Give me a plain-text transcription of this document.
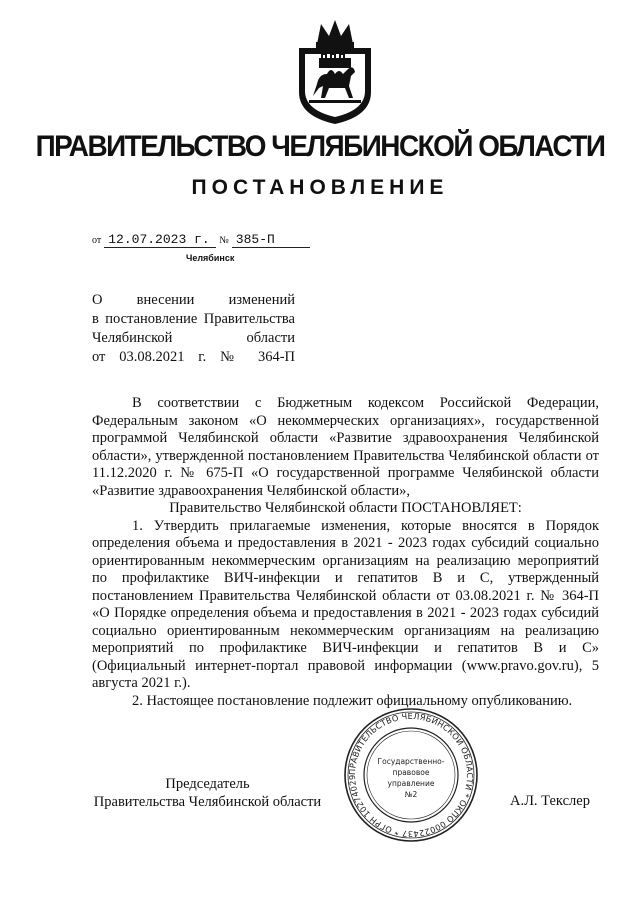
ПРАВИТЕЛЬСТВО ЧЕЛЯБИНСКОЙ ОБЛАСТИ
ПОСТАНОВЛЕНИЕ
от 12.07.2023 г. № 385-П
Челябинск
О внесении изменений
в постановление Правительства
Челябинской области
от 03.08.2021 г. № 364-П

В соответствии с Бюджетным кодексом Российской Федерации, Федеральным законом «О некоммерческих организациях», государственной программой Челябинской области «Развитие здравоохранения Челябинской области», утвержденной постановлением Правительства Челябинской области от 11.12.2020 г. № 675-П «О государственной программе Челябинской области «Развитие здравоохранения Челябинской области»,

Правительство Челябинской области ПОСТАНОВЛЯЕТ:

1. Утвердить прилагаемые изменения, которые вносятся в Порядок определения объема и предоставления в 2021 - 2023 годах субсидий социально ориентированным некоммерческим организациям на реализацию мероприятий по профилактике ВИЧ-инфекции и гепатитов В и С, утвержденный постановлением Правительства Челябинской области от 03.08.2021 г. № 364-П «О Порядке определения объема и предоставления в 2021 - 2023 годах субсидий социально ориентированным некоммерческим организациям на реализацию мероприятий по профилактике ВИЧ-инфекции и гепатитов В и С» (Официальный интернет-портал правовой информации (www.pravo.gov.ru), 5 августа 2021 г.).

2. Настоящее постановление подлежит официальному опубликованию.

Председатель
Правительства Челябинской области	А.Л. Текслер
ПРАВИТЕЛЬСТВО ЧЕЛЯБИНСКОЙ ОБЛАСТИ * ОКПО 00022437 * ОГРН 10274029
Государственно-
правовое
управление
№2
